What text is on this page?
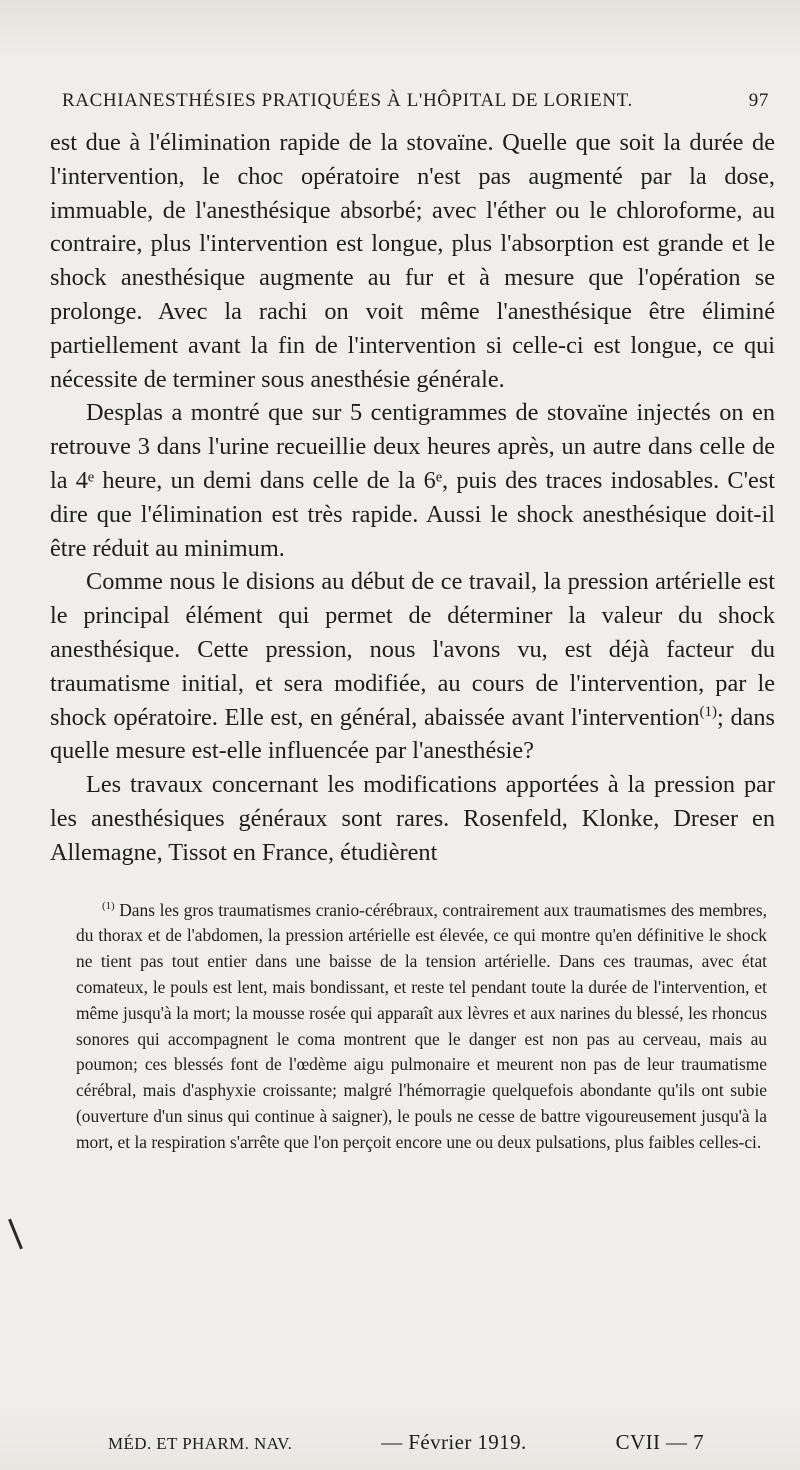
RACHIANESTHÉSIES PRATIQUÉES À L'HÔPITAL DE LORIENT.	97

est due à l'élimination rapide de la stovaïne. Quelle que soit la durée de l'intervention, le choc opératoire n'est pas augmenté par la dose, immuable, de l'anesthésique absorbé; avec l'éther ou le chloroforme, au contraire, plus l'intervention est longue, plus l'absorption est grande et le shock anesthésique augmente au fur et à mesure que l'opération se prolonge. Avec la rachi on voit même l'anesthésique être éliminé partiellement avant la fin de l'intervention si celle-ci est longue, ce qui nécessite de terminer sous anesthésie générale.

Desplas a montré que sur 5 centigrammes de stovaïne injectés on en retrouve 3 dans l'urine recueillie deux heures après, un autre dans celle de la 4ᵉ heure, un demi dans celle de la 6ᵉ, puis des traces indosables. C'est dire que l'élimination est très rapide. Aussi le shock anesthésique doit-il être réduit au minimum.

Comme nous le disions au début de ce travail, la pression artérielle est le principal élément qui permet de déterminer la valeur du shock anesthésique. Cette pression, nous l'avons vu, est déjà facteur du traumatisme initial, et sera modifiée, au cours de l'intervention, par le shock opératoire. Elle est, en général, abaissée avant l'intervention$^{(1)}$; dans quelle mesure est-elle influencée par l'anesthésie?

Les travaux concernant les modifications apportées à la pression par les anesthésiques généraux sont rares. Rosenfeld, Klonke, Dreser en Allemagne, Tissot en France, étudièrent

$^{(1)}$ Dans les gros traumatismes cranio-cérébraux, contrairement aux traumatismes des membres, du thorax et de l'abdomen, la pression artérielle est élevée, ce qui montre qu'en définitive le shock ne tient pas tout entier dans une baisse de la tension artérielle. Dans ces traumas, avec état comateux, le pouls est lent, mais bondissant, et reste tel pendant toute la durée de l'intervention, et même jusqu'à la mort; la mousse rosée qui apparaît aux lèvres et aux narines du blessé, les rhoncus sonores qui accompagnent le coma montrent que le danger est non pas au cerveau, mais au poumon; ces blessés font de l'œdème aigu pulmonaire et meurent non pas de leur traumatisme cérébral, mais d'asphyxie croissante; malgré l'hémorragie quelquefois abondante qu'ils ont subie (ouverture d'un sinus qui continue à saigner), le pouls ne cesse de battre vigoureusement jusqu'à la mort, et la respiration s'arrête que l'on perçoit encore une ou deux pulsations, plus faibles celles-ci.

MÉD. ET PHARM. NAV.	— Février 1919.	CVII — 7
